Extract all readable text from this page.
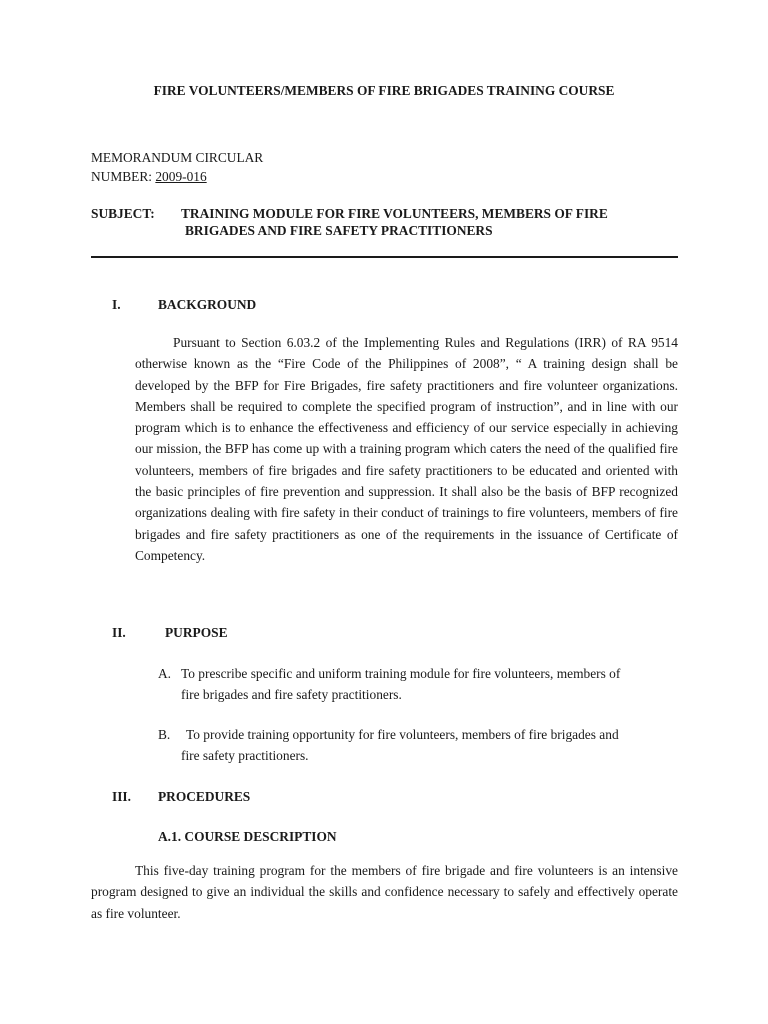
FIRE VOLUNTEERS/MEMBERS OF FIRE BRIGADES TRAINING COURSE

MEMORANDUM CIRCULAR

NUMBER: 2009-016

SUBJECT: TRAINING MODULE FOR FIRE VOLUNTEERS, MEMBERS OF FIRE

BRIGADES AND FIRE SAFETY PRACTITIONERS

I.	BACKGROUND

Pursuant to Section 6.03.2 of the Implementing Rules and Regulations (IRR) of RA 9514 otherwise known as the “Fire Code of the Philippines of 2008”, “ A training design shall be developed by the BFP for Fire Brigades, fire safety practitioners and fire volunteer organizations. Members shall be required to complete the specified program of instruction”, and in line with our program which is to enhance the effectiveness and efficiency of our service especially in achieving our mission, the BFP has come up with a training program which caters the need of the qualified fire volunteers, members of fire brigades and fire safety practitioners to be educated and oriented with the basic principles of fire prevention and suppression. It shall also be the basis of BFP recognized organizations dealing with fire safety in their conduct of trainings to fire volunteers, members of fire brigades and fire safety practitioners as one of the requirements in the issuance of Certificate of Competency.

II.	PURPOSE

A. To prescribe specific and uniform training module for fire volunteers, members of

fire brigades and fire safety practitioners.

B. To provide training opportunity for fire volunteers, members of fire brigades and

fire safety practitioners.

III. PROCEDURES

A.1. COURSE DESCRIPTION

This five-day training program for the members of fire brigade and fire volunteers is an intensive program designed to give an individual the skills and confidence necessary to safely and effectively operate as fire volunteer.
